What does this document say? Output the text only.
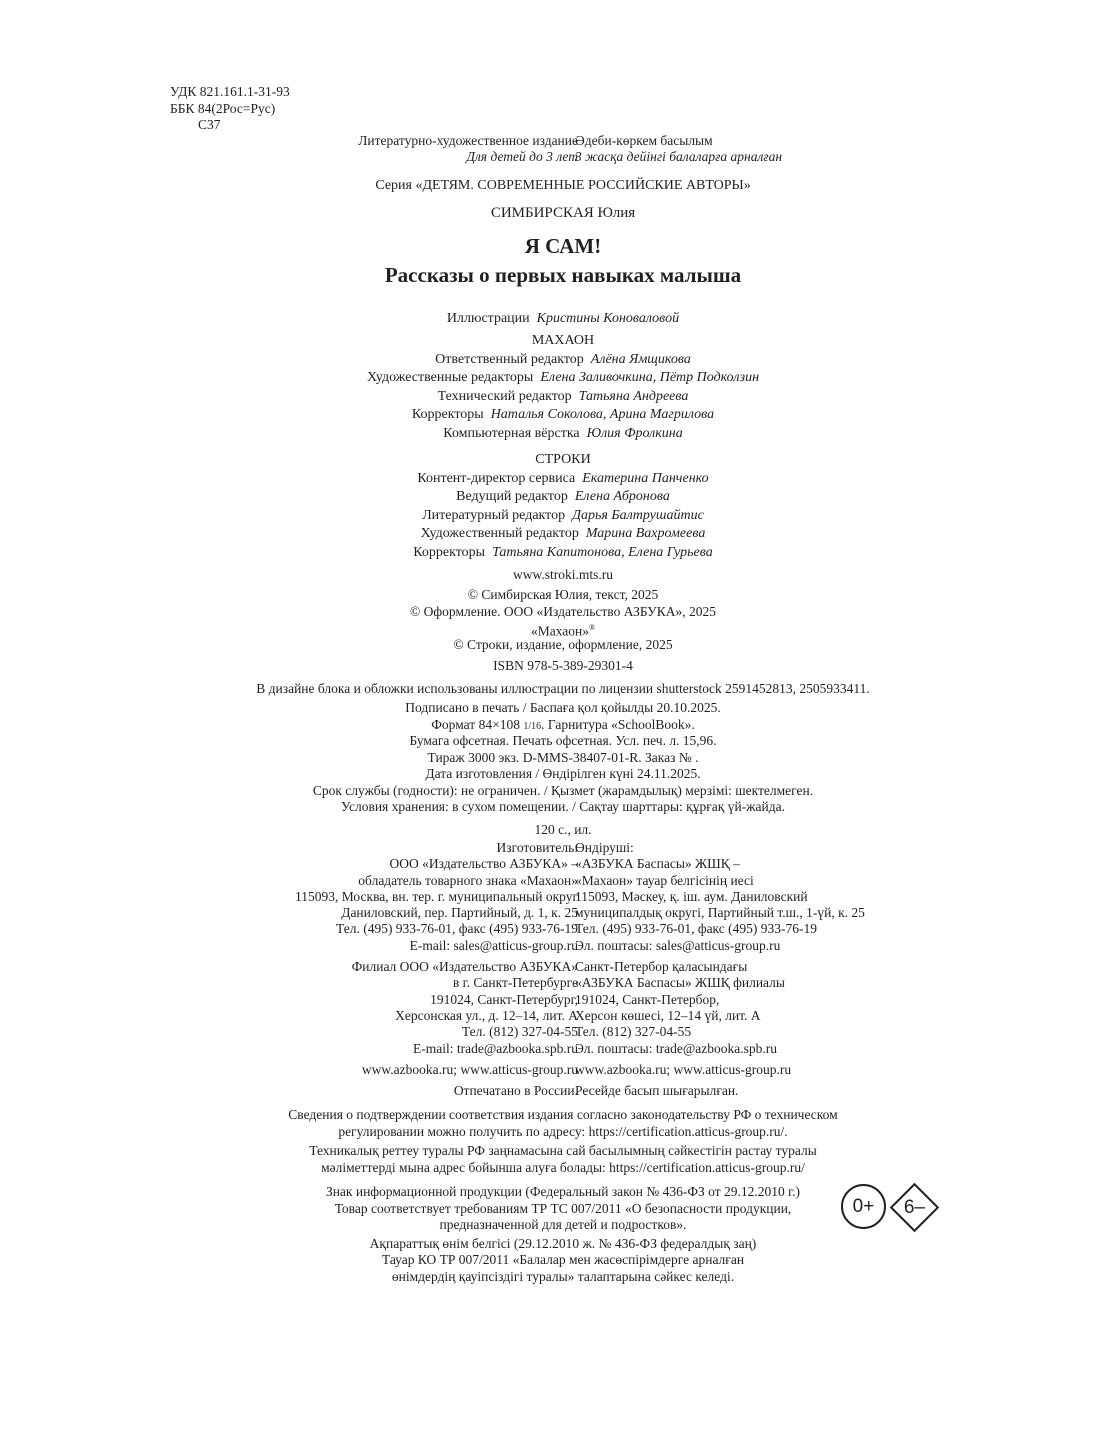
УДК 821.161.1-31-93
ББК 84(2Рос=Рус)
С37
Литературно-художественное издание
Әдеби-көркем басылым
Для детей до 3 лет
3 жасқа дейінгі балаларға арналған
Серия «ДЕТЯМ. СОВРЕМЕННЫЕ РОССИЙСКИЕ АВТОРЫ»
СИМБИРСКАЯ Юлия
Я САМ!
Рассказы о первых навыках малыша
Иллюстрации Кристины Коноваловой
МАХАОН
Ответственный редактор Алёна Ямщикова
Художественные редакторы Елена Заливочкина, Пётр Подколзин
Технический редактор Татьяна Андреева
Корректоры Наталья Соколова, Арина Магрилова
Компьютерная вёрстка Юлия Фролкина
СТРОКИ
Контент-директор сервиса Екатерина Панченко
Ведущий редактор Елена Абронова
Литературный редактор Дарья Балтрушайтис
Художественный редактор Марина Вахромеева
Корректоры Татьяна Капитонова, Елена Гурьева
www.stroki.mts.ru
© Симбирская Юлия, текст, 2025
© Оформление. ООО «Издательство АЗБУКА», 2025
«Махаон»®
© Строки, издание, оформление, 2025
ISBN 978-5-389-29301-4
В дизайне блока и обложки использованы иллюстрации по лицензии shutterstock 2591452813, 2505933411.
Подписано в печать / Баспаға қол қойылды 20.10.2025.
Формат 84×108 1/16. Гарнитура «SchoolBook».
Бумага офсетная. Печать офсетная. Усл. печ. л. 15,96.
Тираж 3000 экз. D-MMS-38407-01-R. Заказ № .
Дата изготовления / Өндірілген күні 24.11.2025.
Срок службы (годности): не ограничен. / Қызмет (жарамдылық) мерзімі: шектелмеген.
Условия хранения: в сухом помещении. / Сақтау шарттары: құрғақ үй-жайда.
120 с., ил.
Изготовитель:
Өндіруші:
ООО «Издательство АЗБУКА» –
«АЗБУКА Баспасы» ЖШҚ –
обладатель товарного знака «Махаон»
«Махаон» тауар белгісінің иесі
115093, Москва, вн. тер. г. муниципальный округ
115093, Мәскеу, қ. іш. аум. Даниловский
Даниловский, пер. Партийный, д. 1, к. 25
муниципалдық округі, Партийный т.ш., 1-үй, к. 25
Тел. (495) 933-76-01, факс (495) 933-76-19
Тел. (495) 933-76-01, факс (495) 933-76-19
E-mail: sales@atticus-group.ru
Эл. поштасы: sales@atticus-group.ru
Филиал ООО «Издательство АЗБУКА»
Санкт-Петербор қаласындағы
в г. Санкт-Петербурге
«АЗБУКА Баспасы» ЖШҚ филиалы
191024, Санкт-Петербург,
191024, Санкт-Петербор,
Херсонская ул., д. 12–14, лит. А
Херсон көшесі, 12–14 үй, лит. А
Тел. (812) 327-04-55
Тел. (812) 327-04-55
E-mail: trade@azbooka.spb.ru
Эл. поштасы: trade@azbooka.spb.ru
www.azbooka.ru; www.atticus-group.ru
www.azbooka.ru; www.atticus-group.ru
Отпечатано в России.
Ресейде басып шығарылған.
Сведения о подтверждении соответствия издания согласно законодательству РФ о техническом
регулировании можно получить по адресу: https://certification.atticus-group.ru/.
Техникалық реттеу туралы РФ заңнамасына сай басылымның сәйкестігін растау туралы
мәліметтерді мына адрес бойынша алуға болады: https://certification.atticus-group.ru/
Знак информационной продукции (Федеральный закон № 436-ФЗ от 29.12.2010 г.)
Товар соответствует требованиям ТР ТС 007/2011 «О безопасности продукции,
предназначенной для детей и подростков».
Ақпараттық өнім белгісі (29.12.2010 ж. № 436-ФЗ федералдық заң)
Тауар КО ТР 007/2011 «Балалар мен жасөспірімдерге арналған
өнімдердің қауіпсіздігі туралы» талаптарына сәйкес келеді.
0+	6–
